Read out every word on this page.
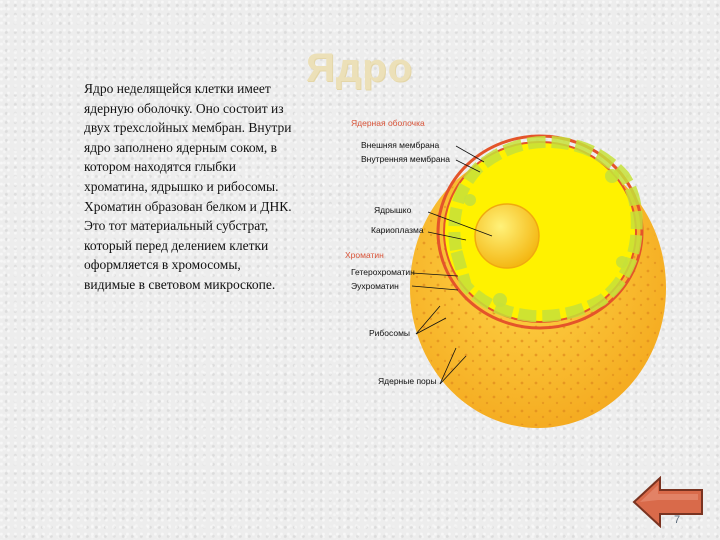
Ядро
Ядро неделящейся клетки имеет
ядерную оболочку. Оно состоит из
двух трехслойных мембран. Внутри
ядро заполнено ядерным соком, в
котором находятся глыбки
хроматина, ядрышко и рибосомы.
Хроматин образован белком и ДНК.
Это тот материальный субстрат,
который перед делением клетки
оформляется в хромосомы,
видимые в световом микроскопе.
Ядерная оболочка
Внешняя мембрана
Внутренняя мембрана
Ядрышко
Кариоплазма
Хроматин
Гетерохроматин
Эухроматин
Рибосомы
Ядерные поры
7
